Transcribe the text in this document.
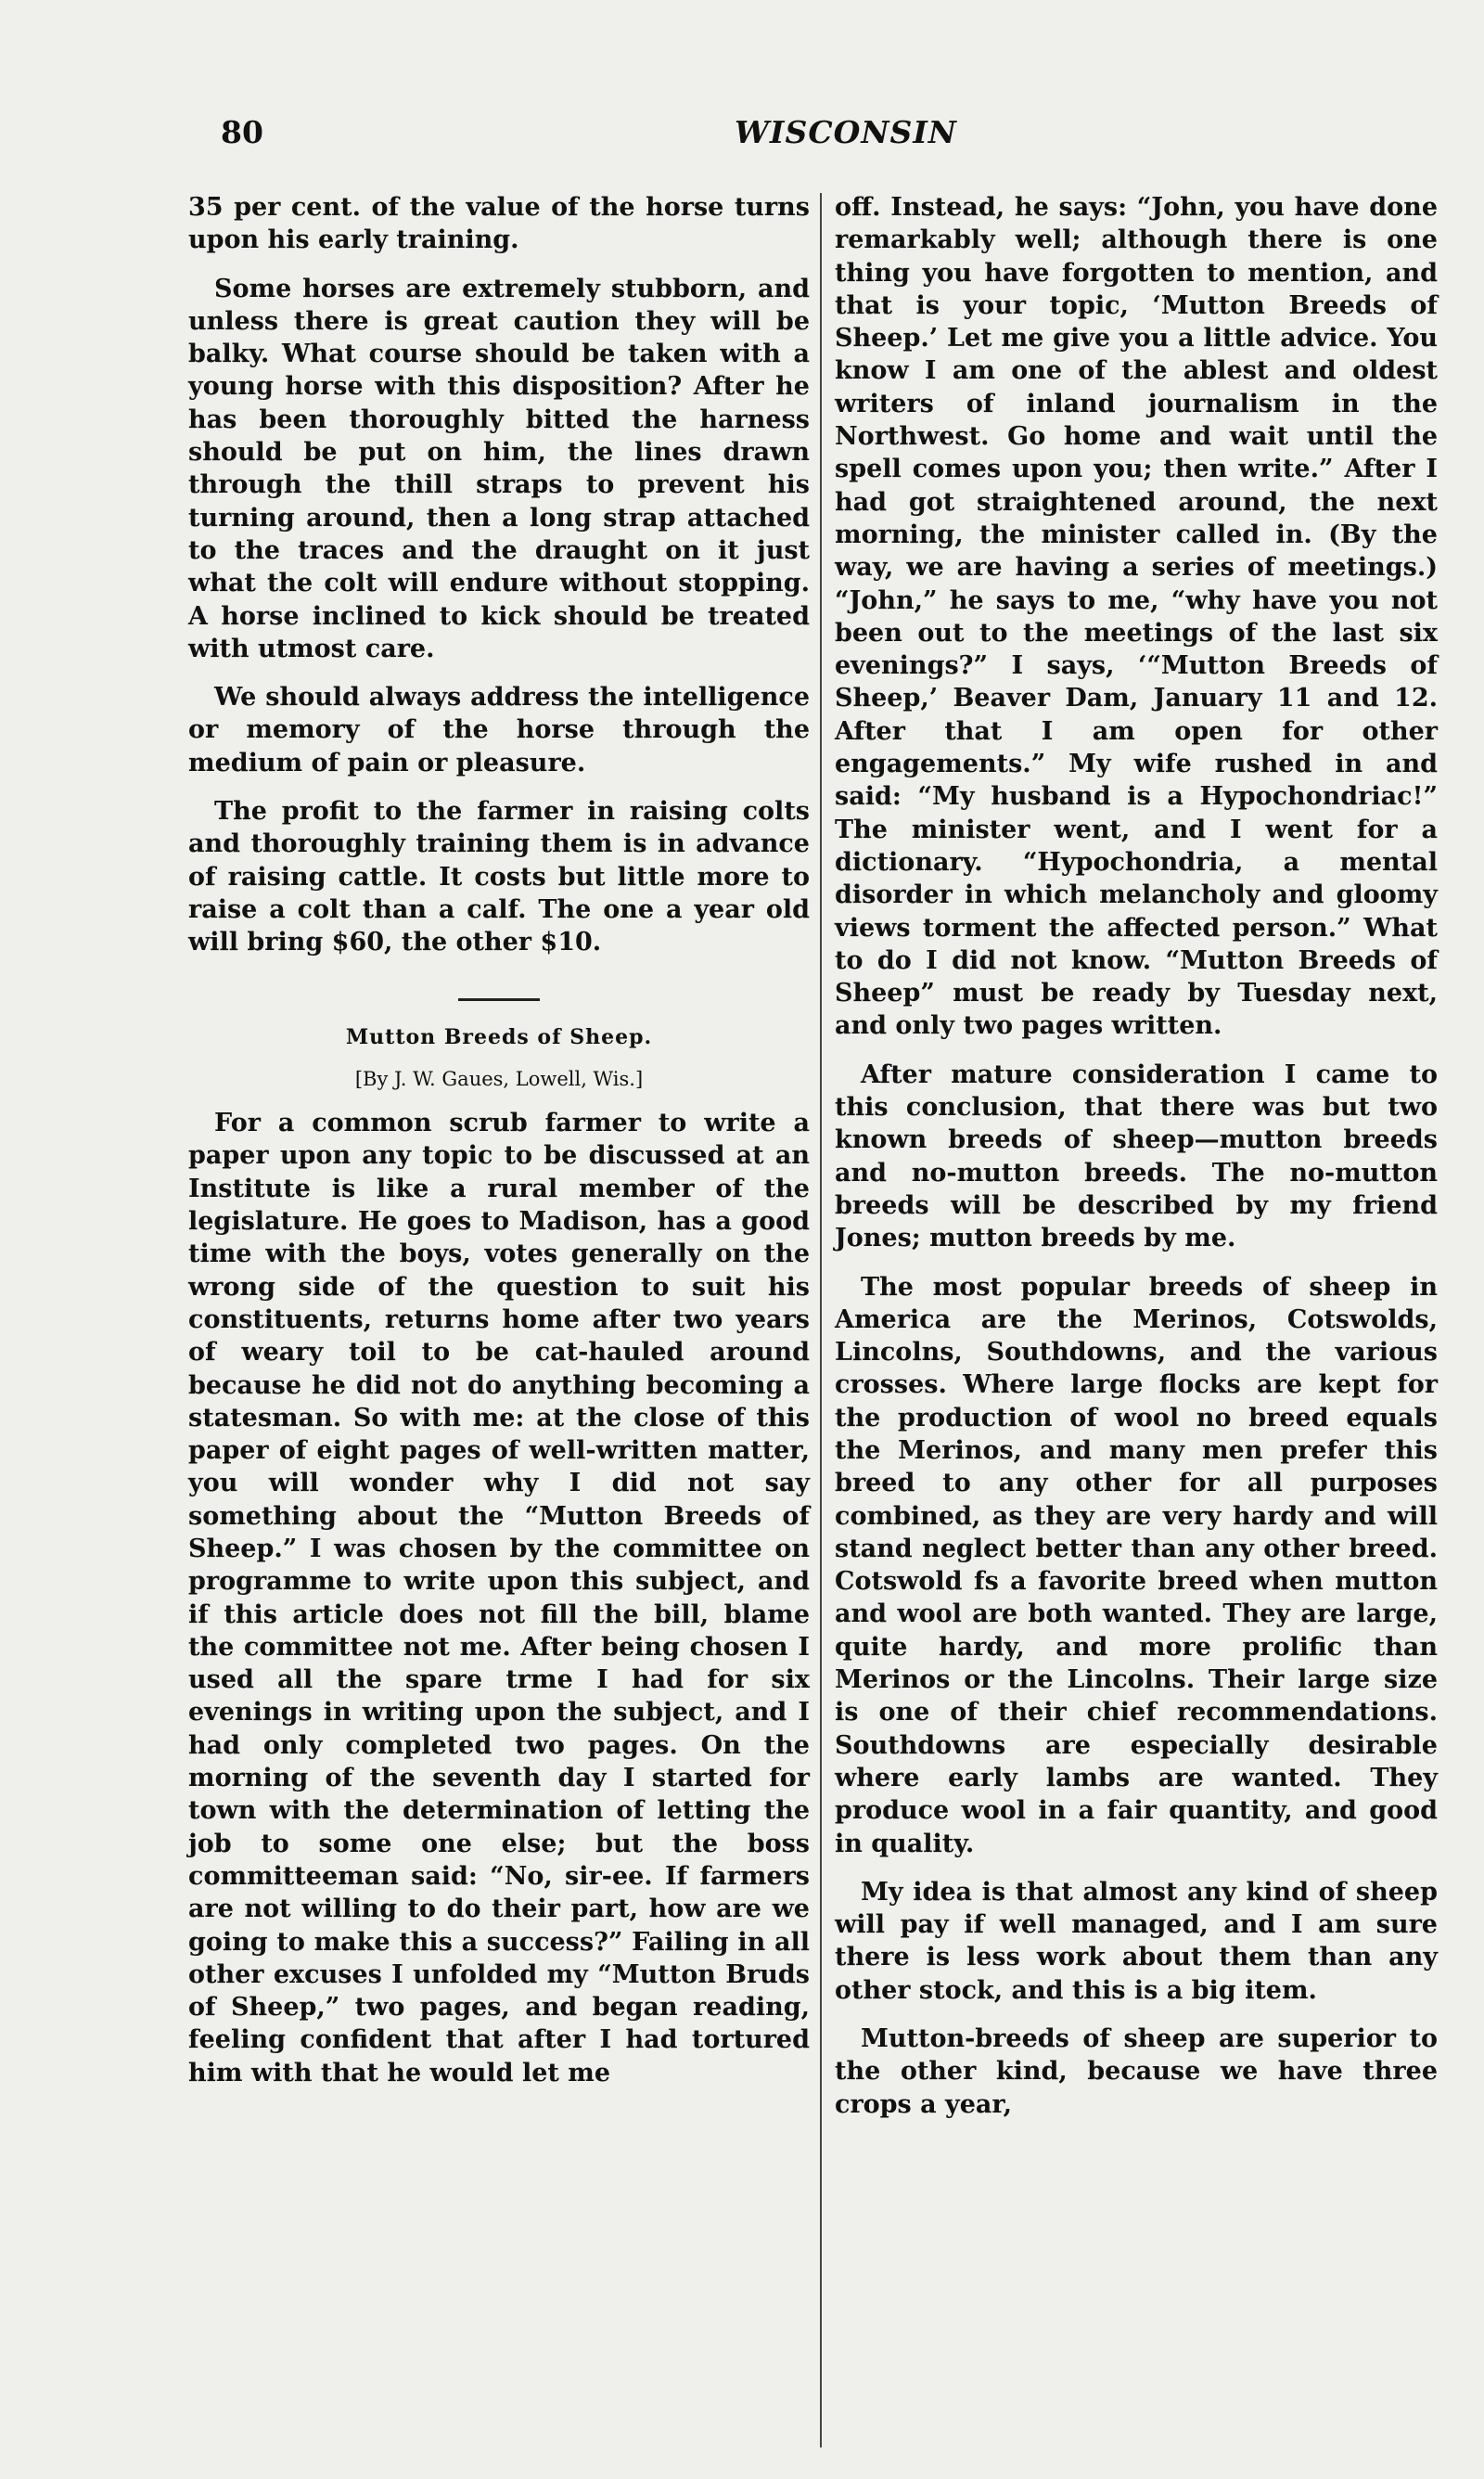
80	WISCONSIN

35 per cent. of the value of the horse turns upon his early training.

Some horses are extremely stubborn, and unless there is great caution they will be balky. What course should be taken with a young horse with this disposition? After he has been thoroughly bitted the harness should be put on him, the lines drawn through the thill straps to prevent his turning around, then a long strap attached to the traces and the draught on it just what the colt will endure without stopping. A horse inclined to kick should be treated with utmost care.

We should always address the intelligence or memory of the horse through the medium of pain or pleasure.

The profit to the farmer in raising colts and thoroughly training them is in advance of raising cattle. It costs but little more to raise a colt than a calf. The one a year old will bring $60, the other $10.

Mutton Breeds of Sheep.
[By J. W. Gaues, Lowell, Wis.]

For a common scrub farmer to write a paper upon any topic to be discussed at an Institute is like a rural member of the legislature. He goes to Madison, has a good time with the boys, votes generally on the wrong side of the question to suit his constituents, returns home after two years of weary toil to be cat-hauled around because he did not do anything becoming a statesman. So with me: at the close of this paper of eight pages of well-written matter, you will wonder why I did not say something about the “Mutton Breeds of Sheep.” I was chosen by the committee on programme to write upon this subject, and if this article does not fill the bill, blame the committee not me. After being chosen I used all the spare trme I had for six evenings in writing upon the subject, and I had only completed two pages. On the morning of the seventh day I started for town with the determination of letting the job to some one else; but the boss committeeman said: “No, sir-ee. If farmers are not willing to do their part, how are we going to make this a success?” Failing in all other excuses I unfolded my “Mutton Bruds of Sheep,” two pages, and began reading, feeling confident that after I had tortured him with that he would let me

off. Instead, he says: “John, you have done remarkably well; although there is one thing you have forgotten to mention, and that is your topic, ‘Mutton Breeds of Sheep.’ Let me give you a little advice. You know I am one of the ablest and oldest writers of inland journalism in the Northwest. Go home and wait until the spell comes upon you; then write.” After I had got straightened around, the next morning, the minister called in. (By the way, we are having a series of meetings.) “John,” he says to me, “why have you not been out to the meetings of the last six evenings?” I says, ‘“Mutton Breeds of Sheep,’ Beaver Dam, January 11 and 12. After that I am open for other engagements.” My wife rushed in and said: “My husband is a Hypochondriac!” The minister went, and I went for a dictionary. “Hypochondria, a mental disorder in which melancholy and gloomy views torment the affected person.” What to do I did not know. “Mutton Breeds of Sheep” must be ready by Tuesday next, and only two pages written.

After mature consideration I came to this conclusion, that there was but two known breeds of sheep—mutton breeds and no-mutton breeds. The no-mutton breeds will be described by my friend Jones; mutton breeds by me.

The most popular breeds of sheep in America are the Merinos, Cotswolds, Lincolns, Southdowns, and the various crosses. Where large flocks are kept for the production of wool no breed equals the Merinos, and many men prefer this breed to any other for all purposes combined, as they are very hardy and will stand neglect better than any other breed. Cotswold fs a favorite breed when mutton and wool are both wanted. They are large, quite hardy, and more prolific than Merinos or the Lincolns. Their large size is one of their chief recommendations. Southdowns are especially desirable where early lambs are wanted. They produce wool in a fair quantity, and good in quality.

My idea is that almost any kind of sheep will pay if well managed, and I am sure there is less work about them than any other stock, and this is a big item.

Mutton-breeds of sheep are superior to the other kind, because we have three crops a year,
